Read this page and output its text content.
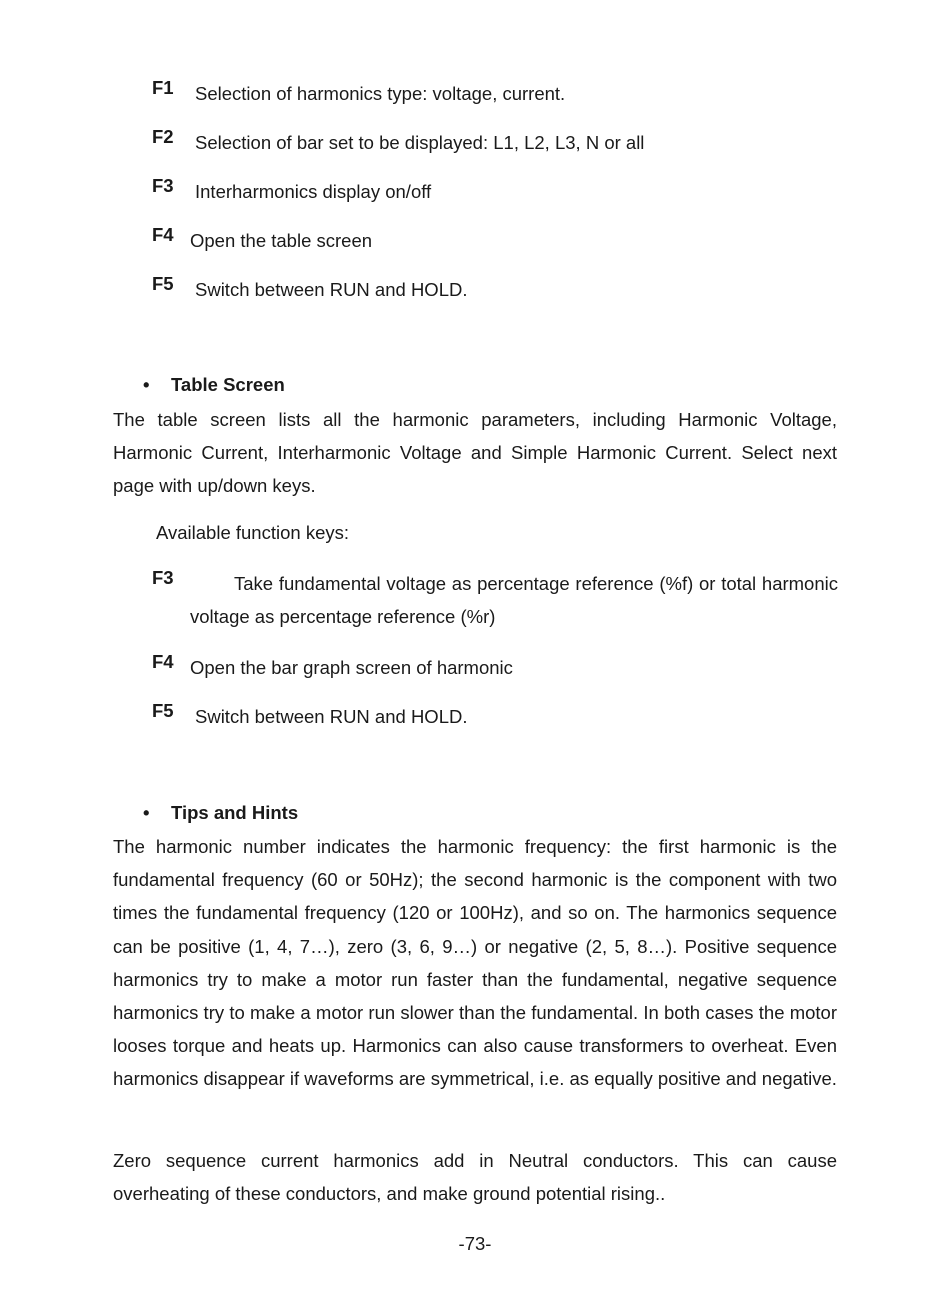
F1	Selection of harmonics type: voltage, current.
F2	Selection of bar set to be displayed: L1, L2, L3, N or all
F3	Interharmonics display on/off
F4 Open the table screen
F5	Switch between RUN and HOLD.
• Table Screen

The table screen lists all the harmonic parameters, including Harmonic Voltage, Harmonic Current, Interharmonic Voltage and Simple Harmonic Current. Select next page with up/down keys.

Available function keys:
F3	Take fundamental voltage as percentage reference (%f) or total harmonic voltage as percentage reference (%r)
F4 Open the bar graph screen of harmonic
F5	Switch between RUN and HOLD.
• Tips and Hints

The harmonic number indicates the harmonic frequency: the first harmonic is the fundamental frequency (60 or 50Hz); the second harmonic is the component with two times the fundamental frequency (120 or 100Hz), and so on. The harmonics sequence can be positive (1, 4, 7…), zero (3, 6, 9…) or negative (2, 5, 8…). Positive sequence harmonics try to make a motor run faster than the fundamental, negative sequence harmonics try to make a motor run slower than the fundamental. In both cases the motor looses torque and heats up. Harmonics can also cause transformers to overheat. Even harmonics disappear if waveforms are symmetrical, i.e. as equally positive and negative.

Zero sequence current harmonics add in Neutral conductors. This can cause overheating of these conductors, and make ground potential rising..

-73-
